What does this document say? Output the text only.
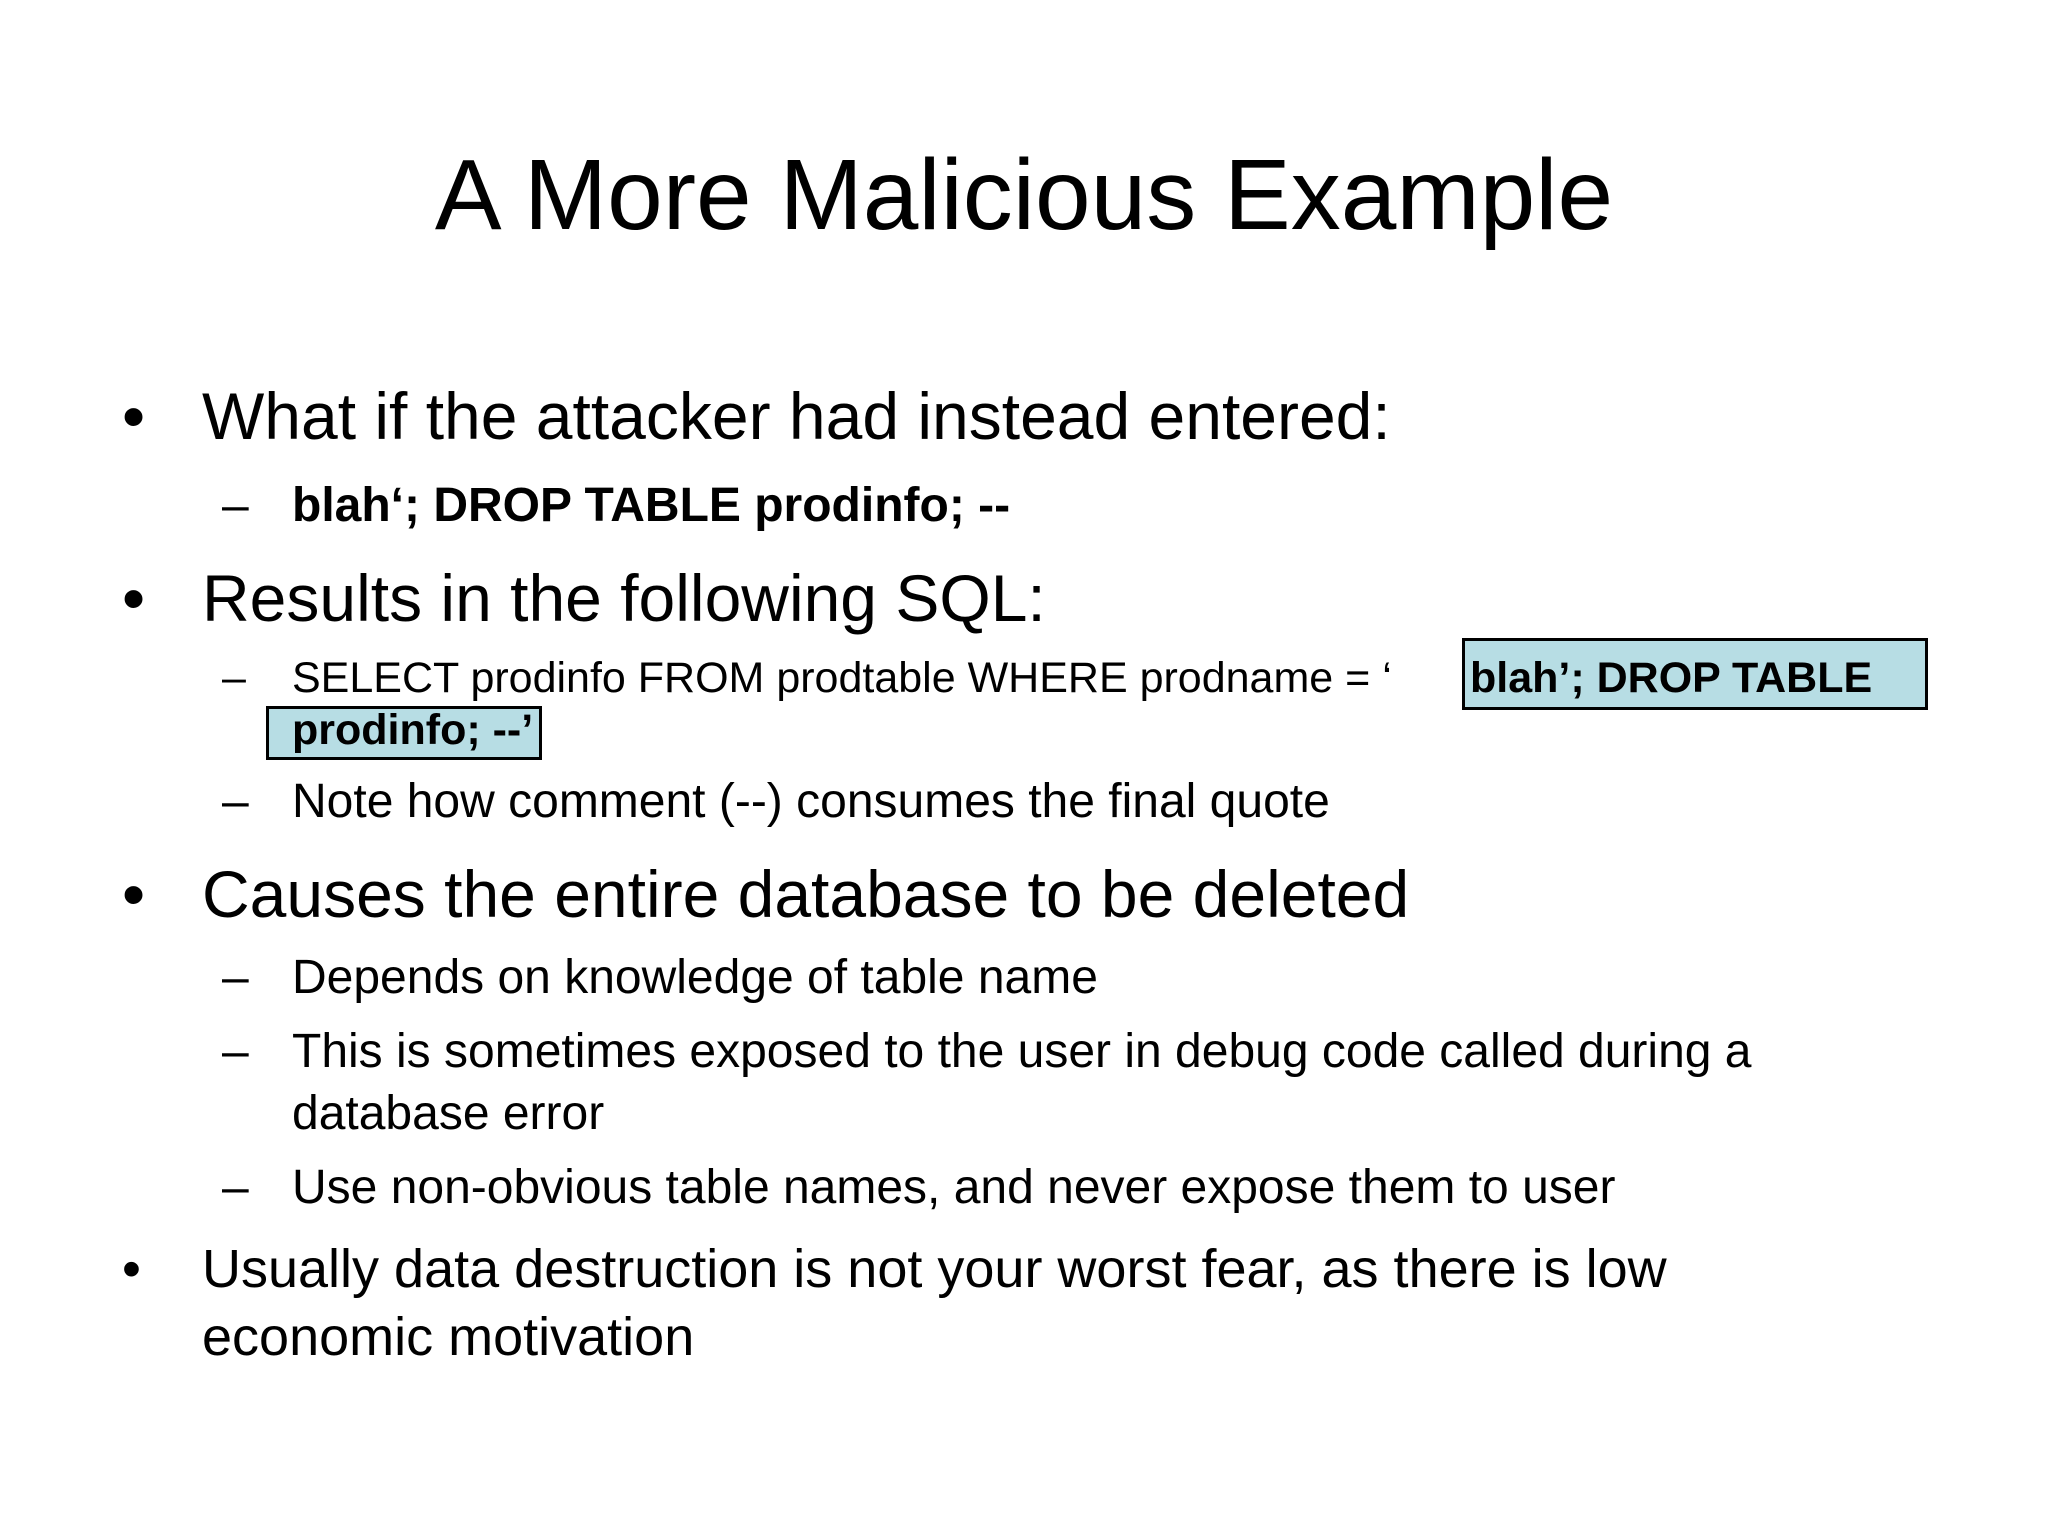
A More Malicious Example
• What if the attacker had instead entered:
– blah‘; DROP TABLE prodinfo; --
• Results in the following SQL:
– SELECT prodinfo FROM prodtable WHERE prodname = ‘ blah’; DROP TABLE
prodinfo; --’
– Note how comment (--) consumes the final quote
• Causes the entire database to be deleted
– Depends on knowledge of table name
– This is sometimes exposed to the user in debug code called during a
database error
– Use non-obvious table names, and never expose them to user
• Usually data destruction is not your worst fear, as there is low
economic motivation
